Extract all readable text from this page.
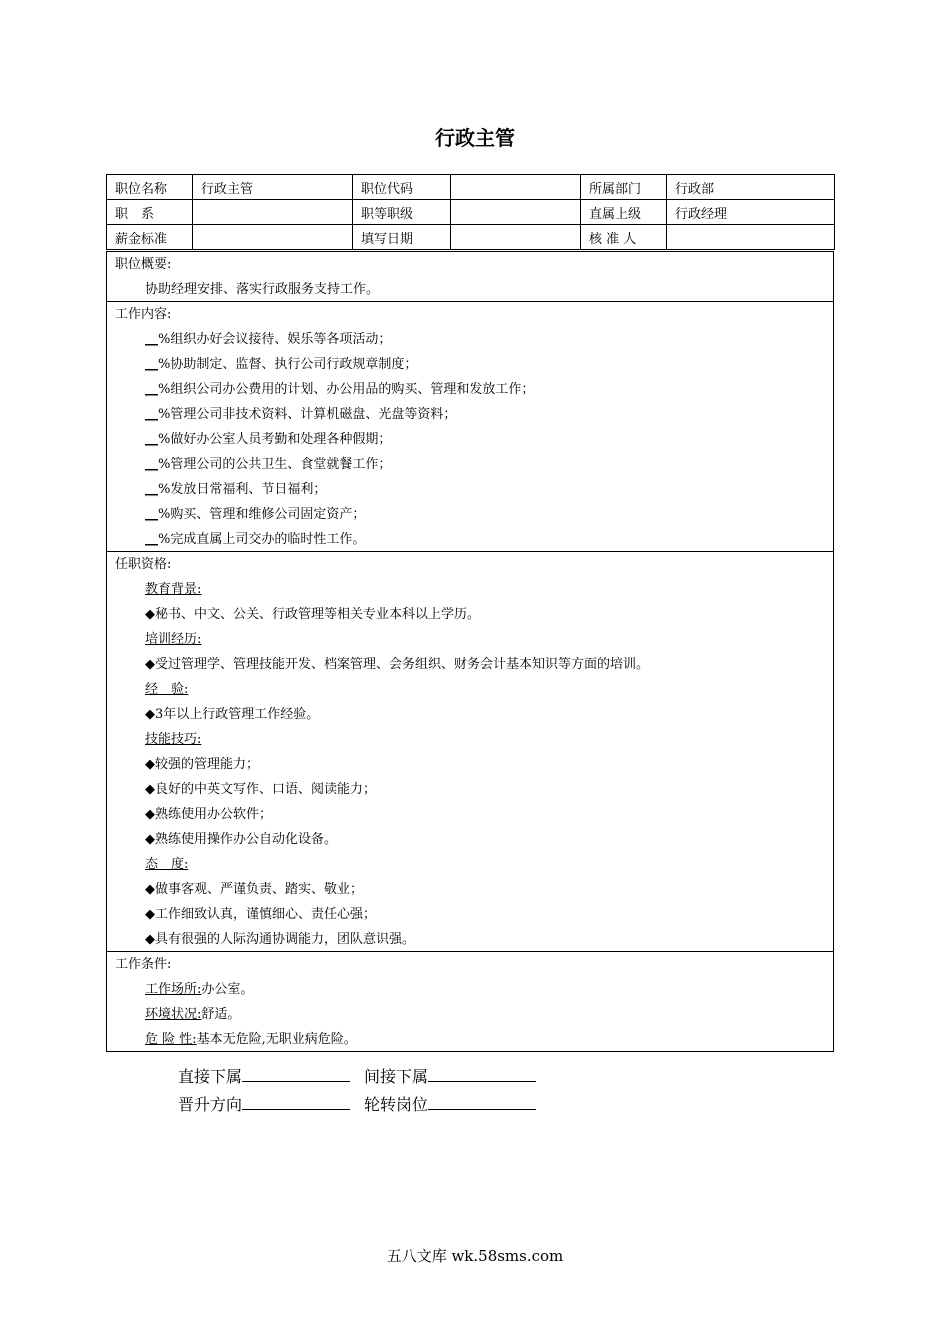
行政主管
职位名称	行政主管	职位代码		所属部门	行政部
职　系		职等职级		直属上级	行政经理
薪金标准		填写日期		核 准 人	
职位概要:
协助经理安排、落实行政服务支持工作。
工作内容:
__%组织办好会议接待、娱乐等各项活动；
__%协助制定、监督、执行公司行政规章制度；
__%组织公司办公费用的计划、办公用品的购买、管理和发放工作；
__%管理公司非技术资料、计算机磁盘、光盘等资料；
__%做好办公室人员考勤和处理各种假期；
__%管理公司的公共卫生、食堂就餐工作；
__%发放日常福利、节日福利；
__%购买、管理和维修公司固定资产；
__%完成直属上司交办的临时性工作。
任职资格:
教育背景:
◆秘书、中文、公关、行政管理等相关专业本科以上学历。
培训经历:
◆受过管理学、管理技能开发、档案管理、会务组织、财务会计基本知识等方面的培训。
经　验:
◆3年以上行政管理工作经验。
技能技巧:
◆较强的管理能力；
◆良好的中英文写作、口语、阅读能力；
◆熟练使用办公软件；
◆熟练使用操作办公自动化设备。
态　度:
◆做事客观、严谨负责、踏实、敬业；
◆工作细致认真，谨慎细心、责任心强；
◆具有很强的人际沟通协调能力，团队意识强。
工作条件:
工作场所:办公室。
环境状况:舒适。
危 险 性:基本无危险,无职业病危险。
直接下属	间接下属
晋升方向	轮转岗位
五八文库 wk.58sms.com
